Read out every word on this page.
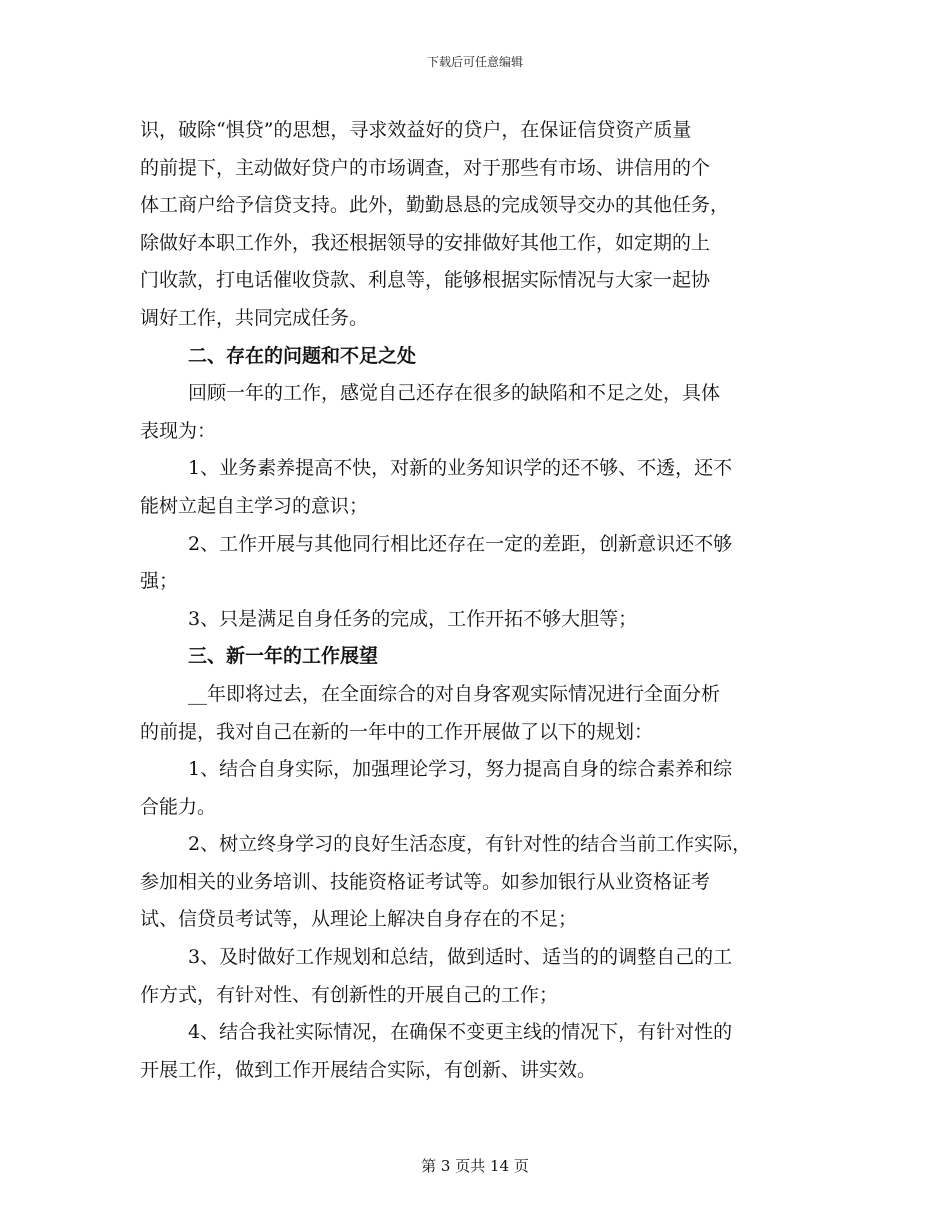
下载后可任意编辑
识，破除“惧贷”的思想，寻求效益好的贷户，在保证信贷资产质量
的前提下，主动做好贷户的市场调查，对于那些有市场、讲信用的个
体工商户给予信贷支持。此外，勤勤恳恳的完成领导交办的其他任务，
除做好本职工作外，我还根据领导的安排做好其他工作，如定期的上
门收款，打电话催收贷款、利息等，能够根据实际情况与大家一起协
调好工作，共同完成任务。
二、存在的问题和不足之处
回顾一年的工作，感觉自己还存在很多的缺陷和不足之处，具体
表现为：
1、业务素养提高不快，对新的业务知识学的还不够、不透，还不
能树立起自主学习的意识；
2、工作开展与其他同行相比还存在一定的差距，创新意识还不够
强；
3、只是满足自身任务的完成，工作开拓不够大胆等；
三、新一年的工作展望
__年即将过去，在全面综合的对自身客观实际情况进行全面分析
的前提，我对自己在新的一年中的工作开展做了以下的规划：
1、结合自身实际，加强理论学习，努力提高自身的综合素养和综
合能力。
2、树立终身学习的良好生活态度，有针对性的结合当前工作实际，
参加相关的业务培训、技能资格证考试等。如参加银行从业资格证考
试、信贷员考试等，从理论上解决自身存在的不足；
3、及时做好工作规划和总结，做到适时、适当的的调整自己的工
作方式，有针对性、有创新性的开展自己的工作；
4、结合我社实际情况，在确保不变更主线的情况下，有针对性的
开展工作，做到工作开展结合实际，有创新、讲实效。
第 3 页共 14 页
